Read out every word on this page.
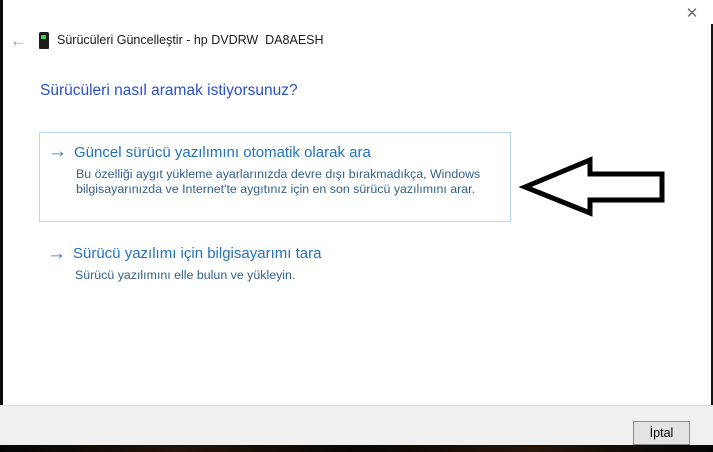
✕
← Sürücüleri Güncelleştir - hp DVDRW  DA8AESH
Sürücüleri nasıl aramak istiyorsunuz?
→ Güncel sürücü yazılımını otomatik olarak ara
Bu özelliği aygıt yükleme ayarlarınızda devre dışı bırakmadıkça, Windows bilgisayarınızda ve Internet'te aygıtınız için en son sürücü yazılımını arar.
→ Sürücü yazılımı için bilgisayarımı tara
Sürücü yazılımını elle bulun ve yükleyin.
İptal
